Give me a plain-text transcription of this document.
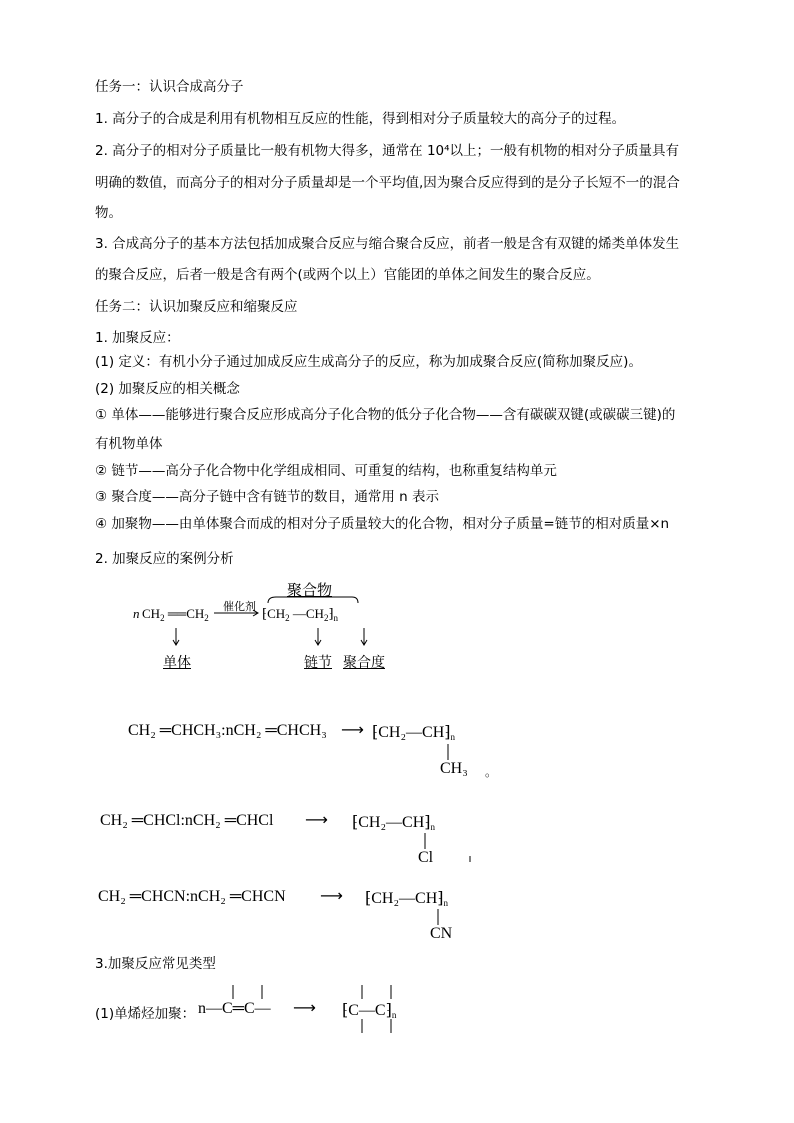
任务一：认识合成高分子
1. 高分子的合成是利用有机物相互反应的性能，得到相对分子质量较大的高分子的过程。
2. 高分子的相对分子质量比一般有机物大得多，通常在 10⁴以上；一般有机物的相对分子质量具有
明确的数值，而高分子的相对分子质量却是一个平均值,因为聚合反应得到的是分子长短不一的混合
物。
3. 合成高分子的基本方法包括加成聚合反应与缩合聚合反应，前者一般是含有双键的烯类单体发生
的聚合反应，后者一般是含有两个(或两个以上）官能团的单体之间发生的聚合反应。
任务二：认识加聚反应和缩聚反应
1. 加聚反应：
(1) 定义：有机小分子通过加成反应生成高分子的反应，称为加成聚合反应(简称加聚反应)。
(2) 加聚反应的相关概念
① 单体——能够进行聚合反应形成高分子化合物的低分子化合物——含有碳碳双键(或碳碳三键)的
有机物单体
② 链节——高分子化合物中化学组成相同、可重复的结构，也称重复结构单元
③ 聚合度——高分子链中含有链节的数目，通常用 n 表示
④ 加聚物——由单体聚合而成的相对分子质量较大的化合物，相对分子质量=链节的相对质量×n
2. 加聚反应的案例分析
聚合物
催化剂
n $CH_2$ $══CH_2$	$⁅CH_2$ $—CH_2⁆_n$
单体	链节 聚合度
CH₂ ═CHCH₃:nCH₂ ═CHCH₃ ⟶ $⁅CH_2—CH⁆_n$
CH₃ 。
CH₂ ═CHCl:nCH₂ ═CHCl ⟶ $⁅CH_2—CH⁆_n$
Cl
CH₂ ═CHCN:nCH₂ ═CHCN ⟶ $⁅CH_2—CH⁆_n$
CN
3.加聚反应常见类型
(1)单烯烃加聚： n—C═C— ⟶ $⁅C—C⁆_n$
